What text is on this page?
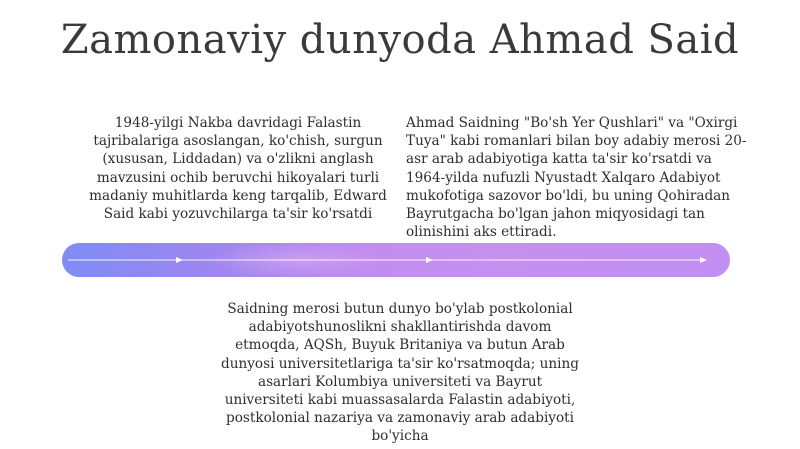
Zamonaviy dunyoda Ahmad Said
1948-yilgi Nakba davridagi Falastin tajribalariga asoslangan, ko'chish, surgun (xususan, Liddadan) va o'zlikni anglash mavzusini ochib beruvchi hikoyalari turli madaniy muhitlarda keng tarqalib, Edward Said kabi yozuvchilarga ta'sir ko'rsatdi
Ahmad Saidning "Bo'sh Yer Qushlari" va "Oxirgi Tuya" kabi romanlari bilan boy adabiy merosi 20-asr arab adabiyotiga katta ta'sir ko'rsatdi va 1964-yilda nufuzli Nyustadt Xalqaro Adabiyot mukofotiga sazovor bo'ldi, bu uning Qohiradan Bayrutgacha bo'lgan jahon miqyosidagi tan olinishini aks ettiradi.
Saidning merosi butun dunyo bo'ylab postkolonial adabiyotshunoslikni shakllantirishda davom etmoqda, AQSh, Buyuk Britaniya va butun Arab dunyosi universitetlariga ta'sir ko'rsatmoqda; uning asarlari Kolumbiya universiteti va Bayrut universiteti kabi muassasalarda Falastin adabiyoti, postkolonial nazariya va zamonaviy arab adabiyoti bo'yicha
